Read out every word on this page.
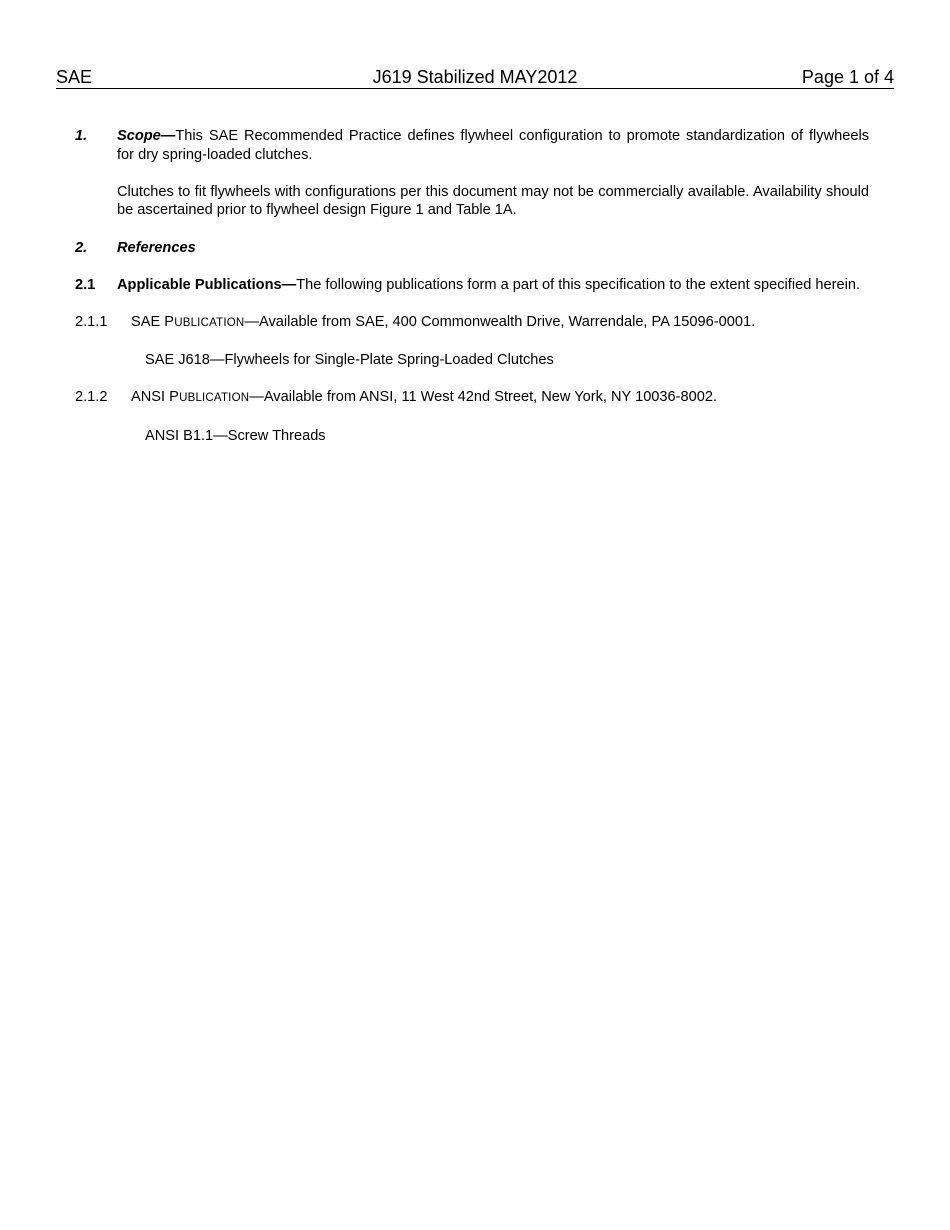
SAE	J619 Stabilized MAY2012	Page 1 of 4
1. Scope—This SAE Recommended Practice defines flywheel configuration to promote standardization of flywheels for dry spring-loaded clutches.

Clutches to fit flywheels with configurations per this document may not be commercially available. Availability should be ascertained prior to flywheel design Figure 1 and Table 1A.

2. References

2.1 Applicable Publications—The following publications form a part of this specification to the extent specified herein.

2.1.1 SAE PUBLICATION—Available from SAE, 400 Commonwealth Drive, Warrendale, PA 15096-0001.

SAE J618—Flywheels for Single-Plate Spring-Loaded Clutches

2.1.2 ANSI PUBLICATION—Available from ANSI, 11 West 42nd Street, New York, NY 10036-8002.

ANSI B1.1—Screw Threads
